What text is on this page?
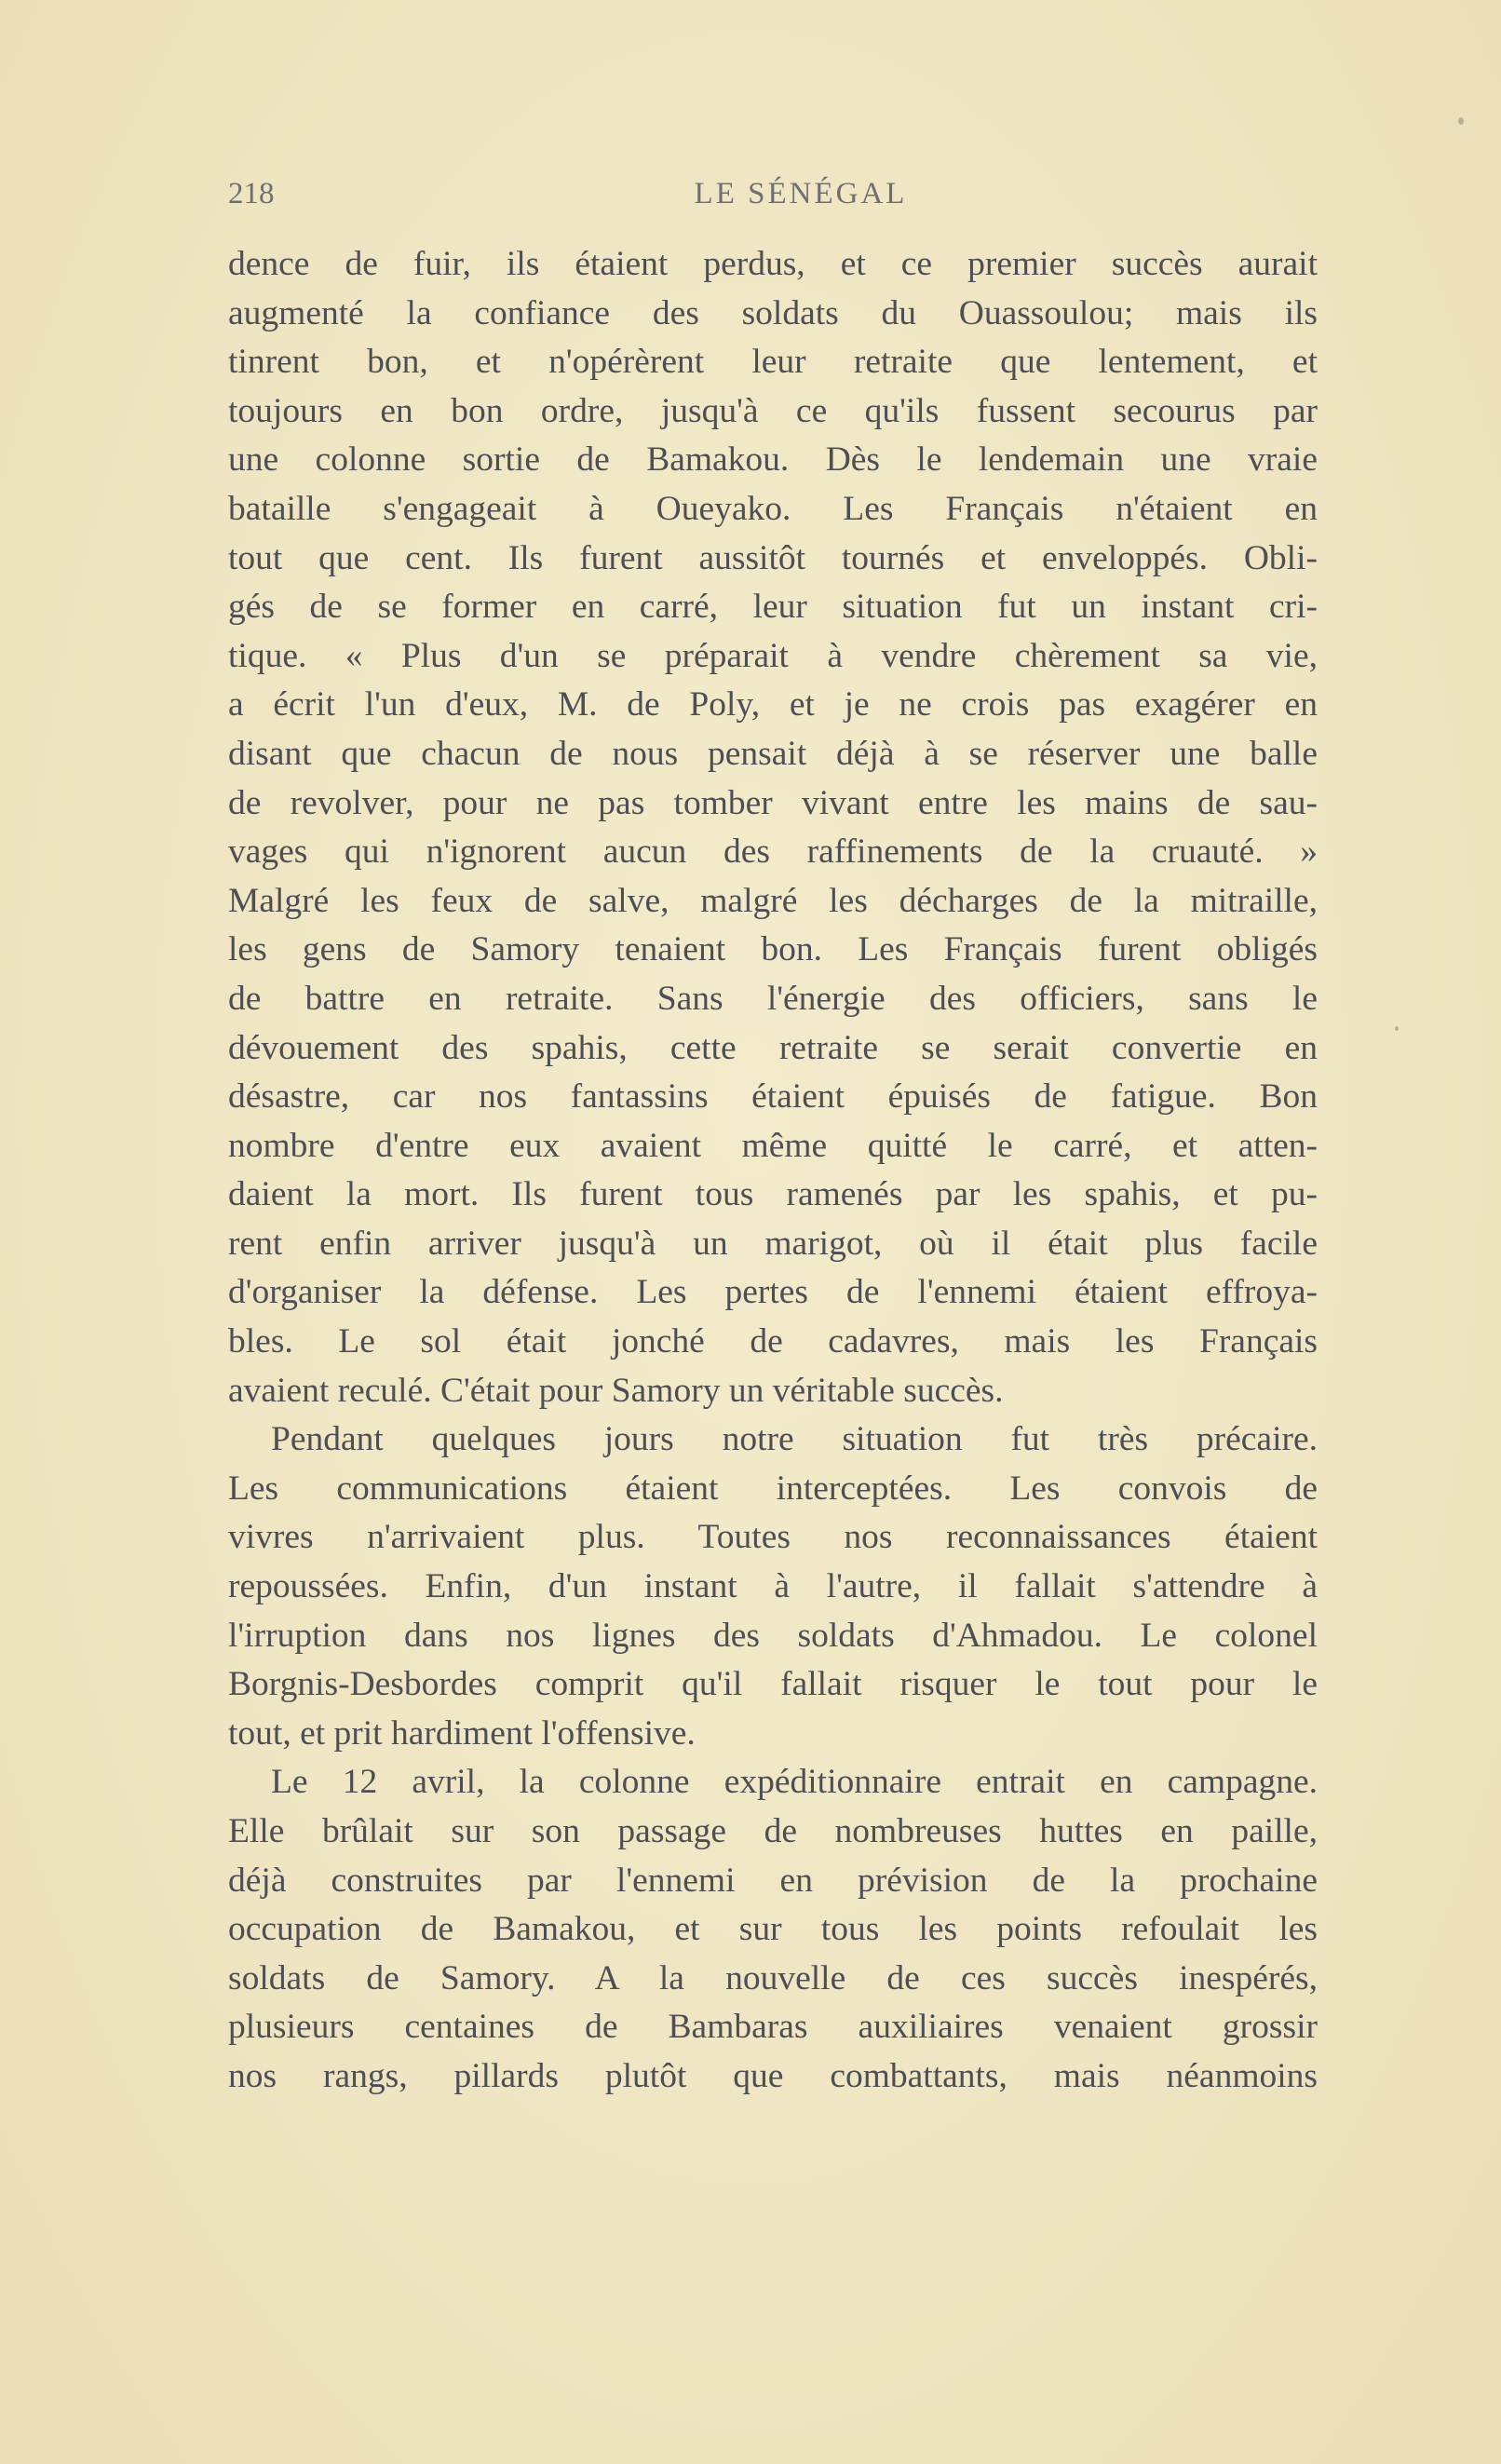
218	LE SÉNÉGAL
dence de fuir, ils étaient perdus, et ce premier succès aurait
augmenté la confiance des soldats du Ouassoulou; mais ils
tinrent bon, et n'opérèrent leur retraite que lentement, et
toujours en bon ordre, jusqu'à ce qu'ils fussent secourus par
une colonne sortie de Bamakou. Dès le lendemain une vraie
bataille s'engageait à Oueyako. Les Français n'étaient en
tout que cent. Ils furent aussitôt tournés et enveloppés. Obli-
gés de se former en carré, leur situation fut un instant cri-
tique. « Plus d'un se préparait à vendre chèrement sa vie,
a écrit l'un d'eux, M. de Poly, et je ne crois pas exagérer en
disant que chacun de nous pensait déjà à se réserver une balle
de revolver, pour ne pas tomber vivant entre les mains de sau-
vages qui n'ignorent aucun des raffinements de la cruauté. »
Malgré les feux de salve, malgré les décharges de la mitraille,
les gens de Samory tenaient bon. Les Français furent obligés
de battre en retraite. Sans l'énergie des officiers, sans le
dévouement des spahis, cette retraite se serait convertie en
désastre, car nos fantassins étaient épuisés de fatigue. Bon
nombre d'entre eux avaient même quitté le carré, et atten-
daient la mort. Ils furent tous ramenés par les spahis, et pu-
rent enfin arriver jusqu'à un marigot, où il était plus facile
d'organiser la défense. Les pertes de l'ennemi étaient effroya-
bles. Le sol était jonché de cadavres, mais les Français
avaient reculé. C'était pour Samory un véritable succès.
Pendant quelques jours notre situation fut très précaire.
Les communications étaient interceptées. Les convois de
vivres n'arrivaient plus. Toutes nos reconnaissances étaient
repoussées. Enfin, d'un instant à l'autre, il fallait s'attendre à
l'irruption dans nos lignes des soldats d'Ahmadou. Le colonel
Borgnis-Desbordes comprit qu'il fallait risquer le tout pour le
tout, et prit hardiment l'offensive.
Le 12 avril, la colonne expéditionnaire entrait en campagne.
Elle brûlait sur son passage de nombreuses huttes en paille,
déjà construites par l'ennemi en prévision de la prochaine
occupation de Bamakou, et sur tous les points refoulait les
soldats de Samory. A la nouvelle de ces succès inespérés,
plusieurs centaines de Bambaras auxiliaires venaient grossir
nos rangs, pillards plutôt que combattants, mais néanmoins
